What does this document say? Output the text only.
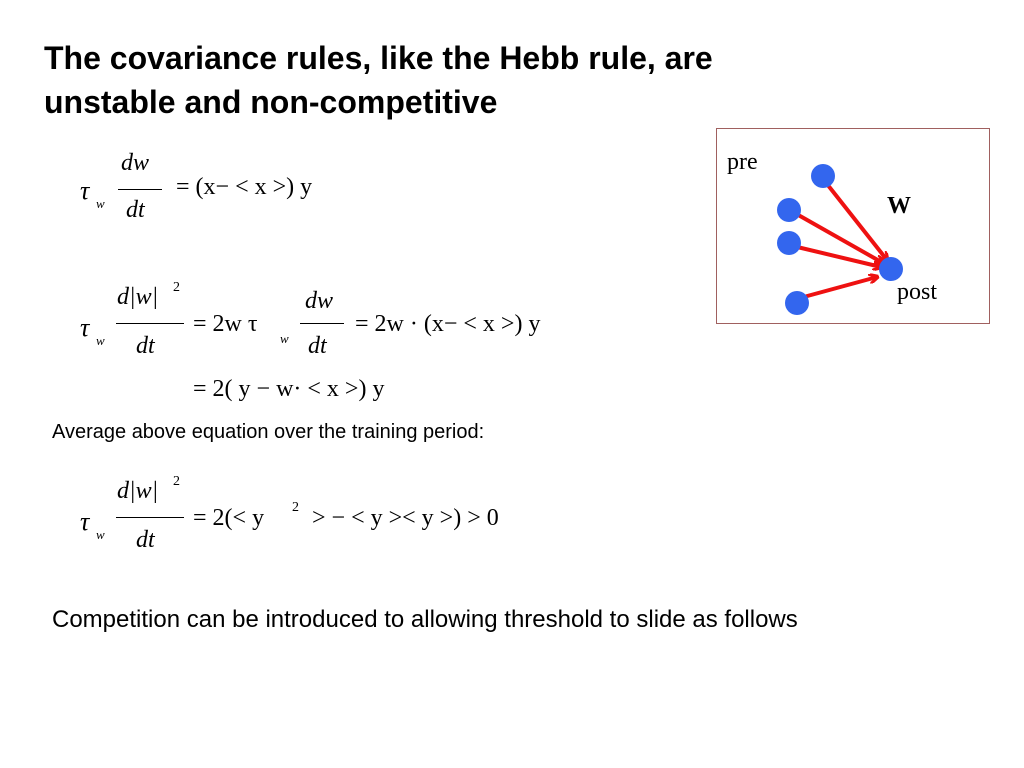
The covariance rules, like the Hebb rule, are
unstable and non-competitive
τ w
dw
dt
= (x− < x >) y
τ w
d|w| 2
dt
= 2w τ
w
dw
dt
= 2w · (x− < x >) y
= 2( y − w· < x >) y
Average above equation over the training period:
τ w
d|w| 2
dt
= 2(< y 2 > − < y >< y >) > 0
Competition can be introduced to allowing threshold to slide as follows
pre
W
post
